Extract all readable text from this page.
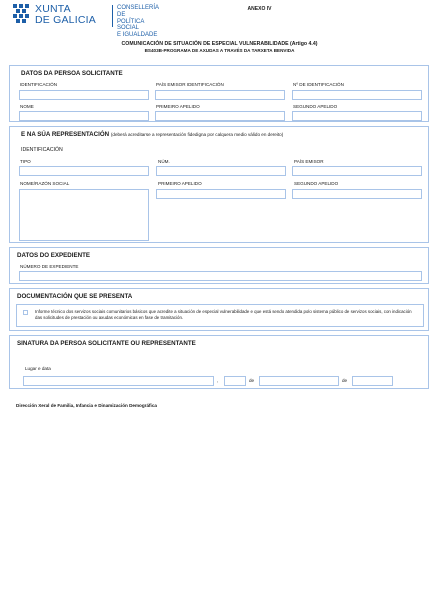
XUNTA
DE GALICIA
CONSELLERÍA DE
POLÍTICA SOCIAL
E IGUALDADE
ANEXO IV
COMUNICACIÓN DE SITUACIÓN DE ESPECIAL VULNERABILIDADE (Artigo 4.4)
BS403B-PROGRAMA DE AXUDAS A TRAVÉS DA TARXETA BENVIDA
DATOS DA PERSOA SOLICITANTE
IDENTIFICACIÓN	PAÍS EMISOR IDENTIFICACIÓN	Nº DE IDENTIFICACIÓN
NOME	PRIMEIRO APELIDO	SEGUNDO APELIDO
E NA SÚA REPRESENTACIÓN (deberá acreditarse a representación fidedigna por calquera medio válido en dereito)
IDENTIFICACIÓN
TIPO	NÚM.	PAÍS EMISOR
NOME/RAZÓN SOCIAL	PRIMEIRO APELIDO	SEGUNDO APELIDO
DATOS DO EXPEDIENTE
NÚMERO DE EXPEDIENTE
DOCUMENTACIÓN QUE SE PRESENTA
Informe técnico dos servizos sociais comunitarios básicos que acredite a situación de especial vulnerabilidade e que está sendo atendida polo sistema público de servizos sociais, con indicación das solicitudes de prestación ou axudas económicas en fase de tramitación.
SINATURA DA PERSOA SOLICITANTE OU REPRESENTANTE
Lugar e data
,	de	de
Dirección Xeral de Familia, Infancia e Dinamización Demográfica
